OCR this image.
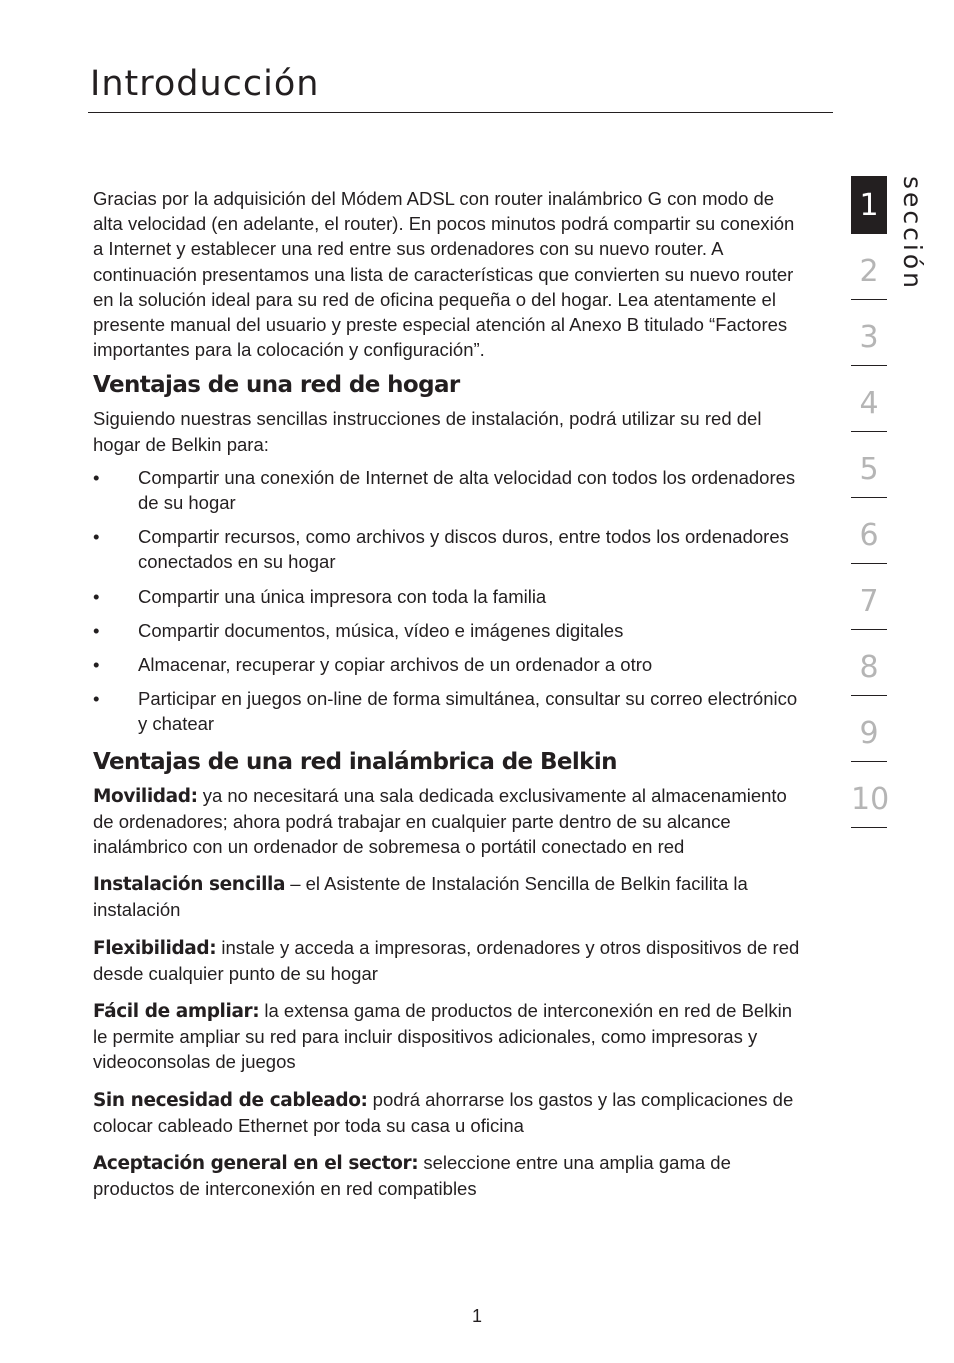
Introducción

Gracias por la adquisición del Módem ADSL con router inalámbrico G con modo de alta velocidad (en adelante, el router). En pocos minutos podrá compartir su conexión a Internet y establecer una red entre sus ordenadores con su nuevo router. A continuación presentamos una lista de características que convierten su nuevo router en la solución ideal para su red de oficina pequeña o del hogar. Lea atentamente el presente manual del usuario y preste especial atención al Anexo B titulado “Factores importantes para la colocación y configuración”.

Ventajas de una red de hogar

Siguiendo nuestras sencillas instrucciones de instalación, podrá utilizar su red del hogar de Belkin para:

• Compartir una conexión de Internet de alta velocidad con todos los ordenadores de su hogar
• Compartir recursos, como archivos y discos duros, entre todos los ordenadores conectados en su hogar
• Compartir una única impresora con toda la familia
• Compartir documentos, música, vídeo e imágenes digitales
• Almacenar, recuperar y copiar archivos de un ordenador a otro
• Participar en juegos on-line de forma simultánea, consultar su correo electrónico y chatear
Ventajas de una red inalámbrica de Belkin

Movilidad: ya no necesitará una sala dedicada exclusivamente al almacenamiento de ordenadores; ahora podrá trabajar en cualquier parte dentro de su alcance inalámbrico con un ordenador de sobremesa o portátil conectado en red

Instalación sencilla – el Asistente de Instalación Sencilla de Belkin facilita la instalación

Flexibilidad: instale y acceda a impresoras, ordenadores y otros dispositivos de red desde cualquier punto de su hogar

Fácil de ampliar: la extensa gama de productos de interconexión en red de Belkin le permite ampliar su red para incluir dispositivos adicionales, como impresoras y videoconsolas de juegos

Sin necesidad de cableado: podrá ahorrarse los gastos y las complicaciones de colocar cableado Ethernet por toda su casa u oficina

Aceptación general en el sector: seleccione entre una amplia gama de productos de interconexión en red compatibles

1
2
3
4
5
6
7
8
9
10
sección
1
